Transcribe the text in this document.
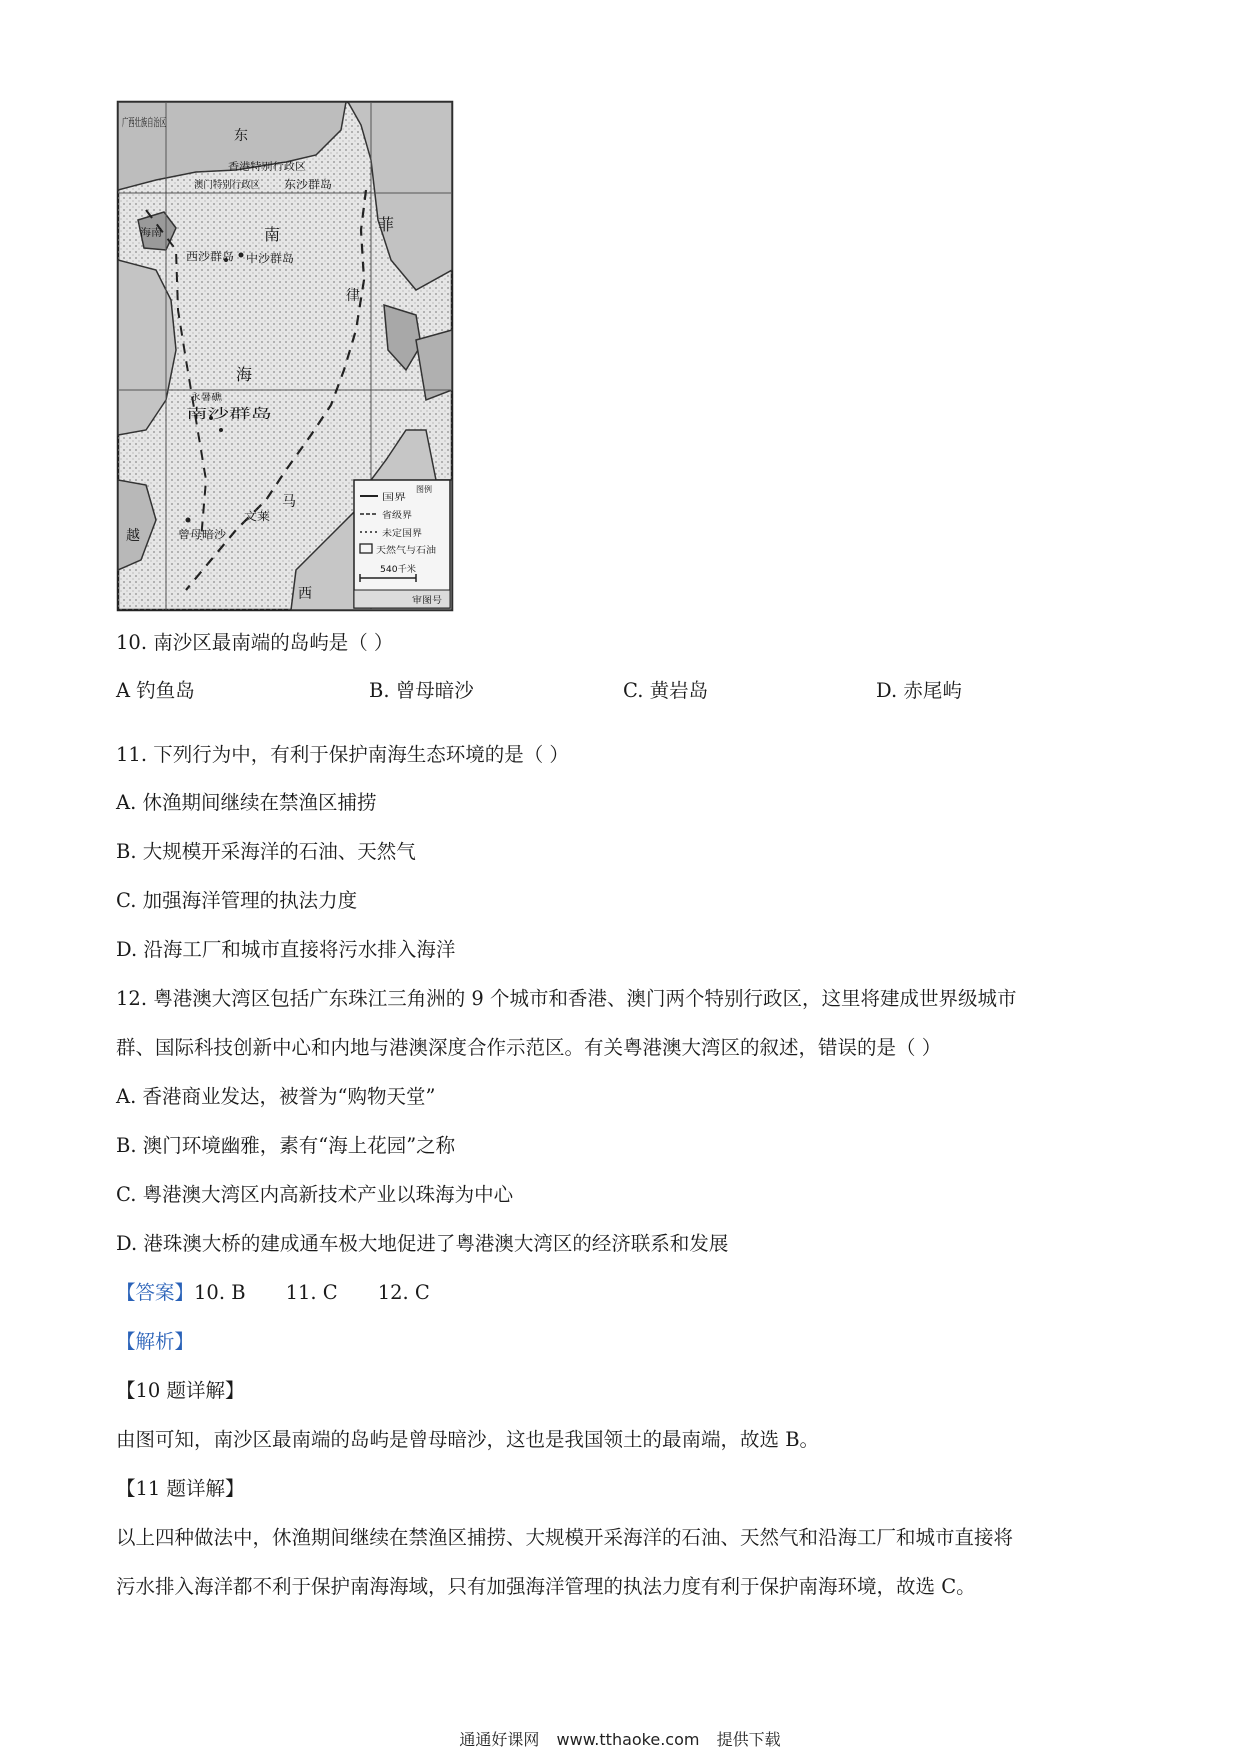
广西壮族自治区
东
香港特别行政区
澳门特别行政区 东沙群岛
海南
西沙群岛	中沙群岛
南
海
菲
律
永暑礁
南沙群岛
曾母暗沙
文莱
马
西
越
图例
国界
省级界
未定国界
天然气与石油
540千米
审图号
10. 南沙区最南端的岛屿是（ ）
A 钓鱼岛	B. 曾母暗沙	C. 黄岩岛	D. 赤尾屿
11. 下列行为中，有利于保护南海生态环境的是（ ）
A. 休渔期间继续在禁渔区捕捞
B. 大规模开采海洋的石油、天然气
C. 加强海洋管理的执法力度
D. 沿海工厂和城市直接将污水排入海洋
12. 粤港澳大湾区包括广东珠江三角洲的 9 个城市和香港、澳门两个特别行政区，这里将建成世界级城市
群、国际科技创新中心和内地与港澳深度合作示范区。有关粤港澳大湾区的叙述，错误的是（ ）
A. 香港商业发达，被誉为“购物天堂”
B. 澳门环境幽雅，素有“海上花园”之称
C. 粤港澳大湾区内高新技术产业以珠海为中心
D. 港珠澳大桥的建成通车极大地促进了粤港澳大湾区的经济联系和发展
【答案】10. B 11. C 12. C
【解析】
【10 题详解】
由图可知，南沙区最南端的岛屿是曾母暗沙，这也是我国领土的最南端，故选 B。
【11 题详解】
以上四种做法中，休渔期间继续在禁渔区捕捞、大规模开采海洋的石油、天然气和沿海工厂和城市直接将
污水排入海洋都不利于保护南海海域，只有加强海洋管理的执法力度有利于保护南海环境，故选 C。
通通好课网 www.tthaoke.com 提供下载
